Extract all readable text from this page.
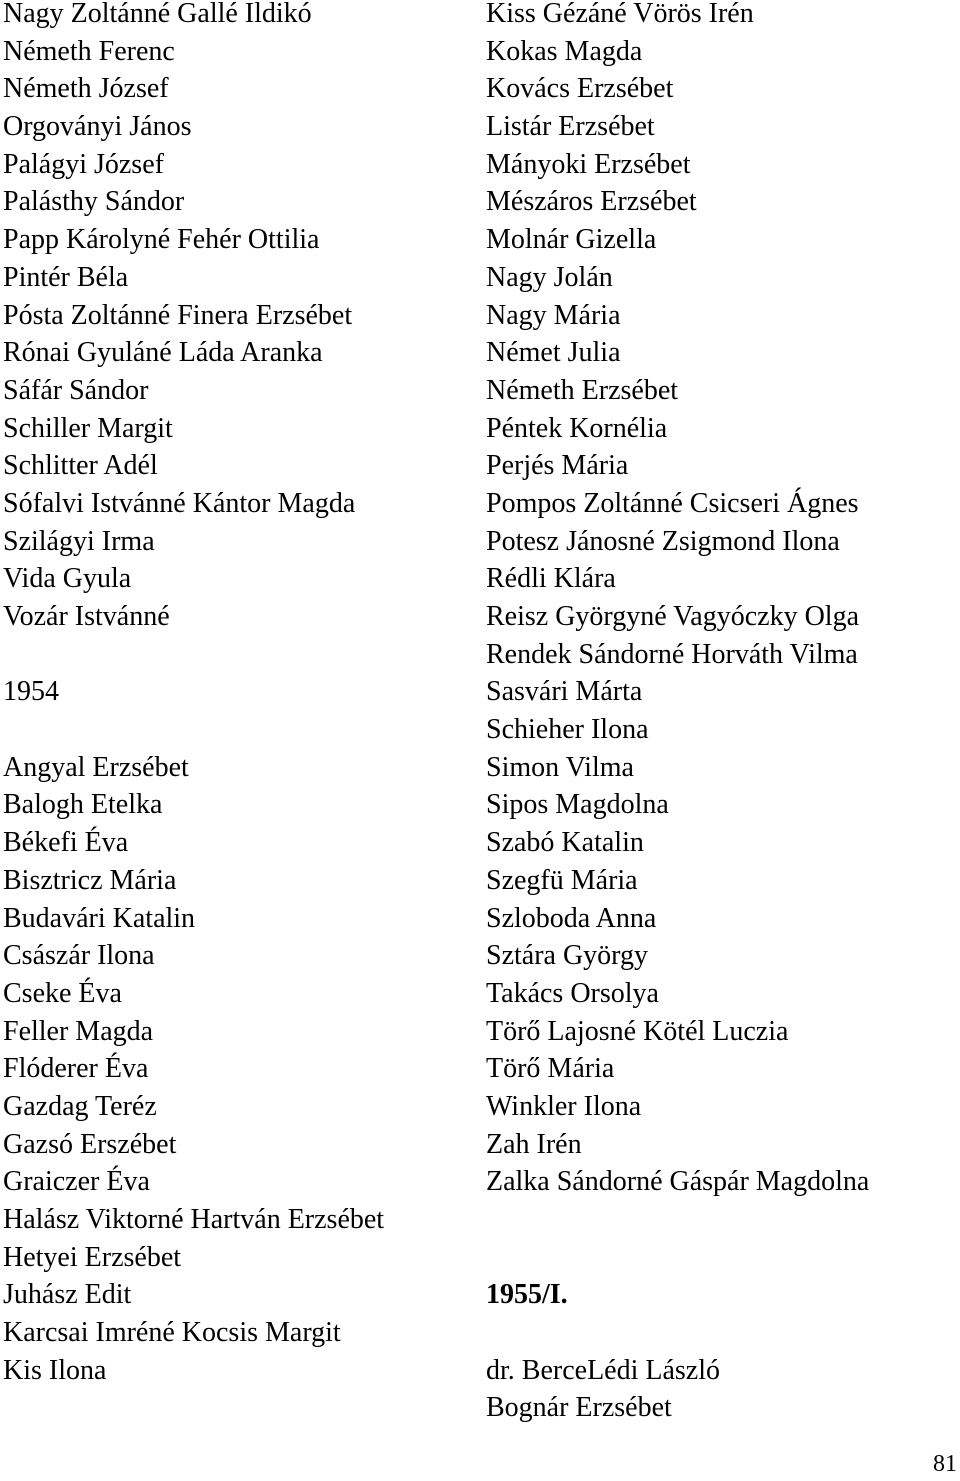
Nagy Zoltánné Gallé Ildikó
Németh Ferenc
Németh József
Orgoványi János
Palágyi József
Palásthy Sándor
Papp Károlyné Fehér Ottilia
Pintér Béla
Pósta Zoltánné Finera Erzsébet
Rónai Gyuláné Láda Aranka
Sáfár Sándor
Schiller Margit
Schlitter Adél
Sófalvi Istvánné Kántor Magda
Szilágyi Irma
Vida Gyula
Vozár Istvánné
1954
Angyal Erzsébet
Balogh Etelka
Békefi Éva
Bisztricz Mária
Budavári Katalin
Császár Ilona
Cseke Éva
Feller Magda
Flóderer Éva
Gazdag Teréz
Gazsó Erszébet
Graiczer Éva
Halász Viktorné Hartván Erzsébet
Hetyei Erzsébet
Juhász Edit
Karcsai Imréné Kocsis Margit
Kis Ilona
Kiss Gézáné Vörös Irén
Kokas Magda
Kovács Erzsébet
Listár Erzsébet
Mányoki Erzsébet
Mészáros Erzsébet
Molnár Gizella
Nagy Jolán
Nagy Mária
Német Julia
Németh Erzsébet
Péntek Kornélia
Perjés Mária
Pompos Zoltánné Csicseri Ágnes
Potesz Jánosné Zsigmond Ilona
Rédli Klára
Reisz Györgyné Vagyóczky Olga
Rendek Sándorné Horváth Vilma
Sasvári Márta
Schieher Ilona
Simon Vilma
Sipos Magdolna
Szabó Katalin
Szegfü Mária
Szloboda Anna
Sztára György
Takács Orsolya
Törő Lajosné Kötél Luczia
Törő Mária
Winkler Ilona
Zah Irén
Zalka Sándorné Gáspár Magdolna
1955/I.
dr. BerceLédi László
Bognár Erzsébet
81
